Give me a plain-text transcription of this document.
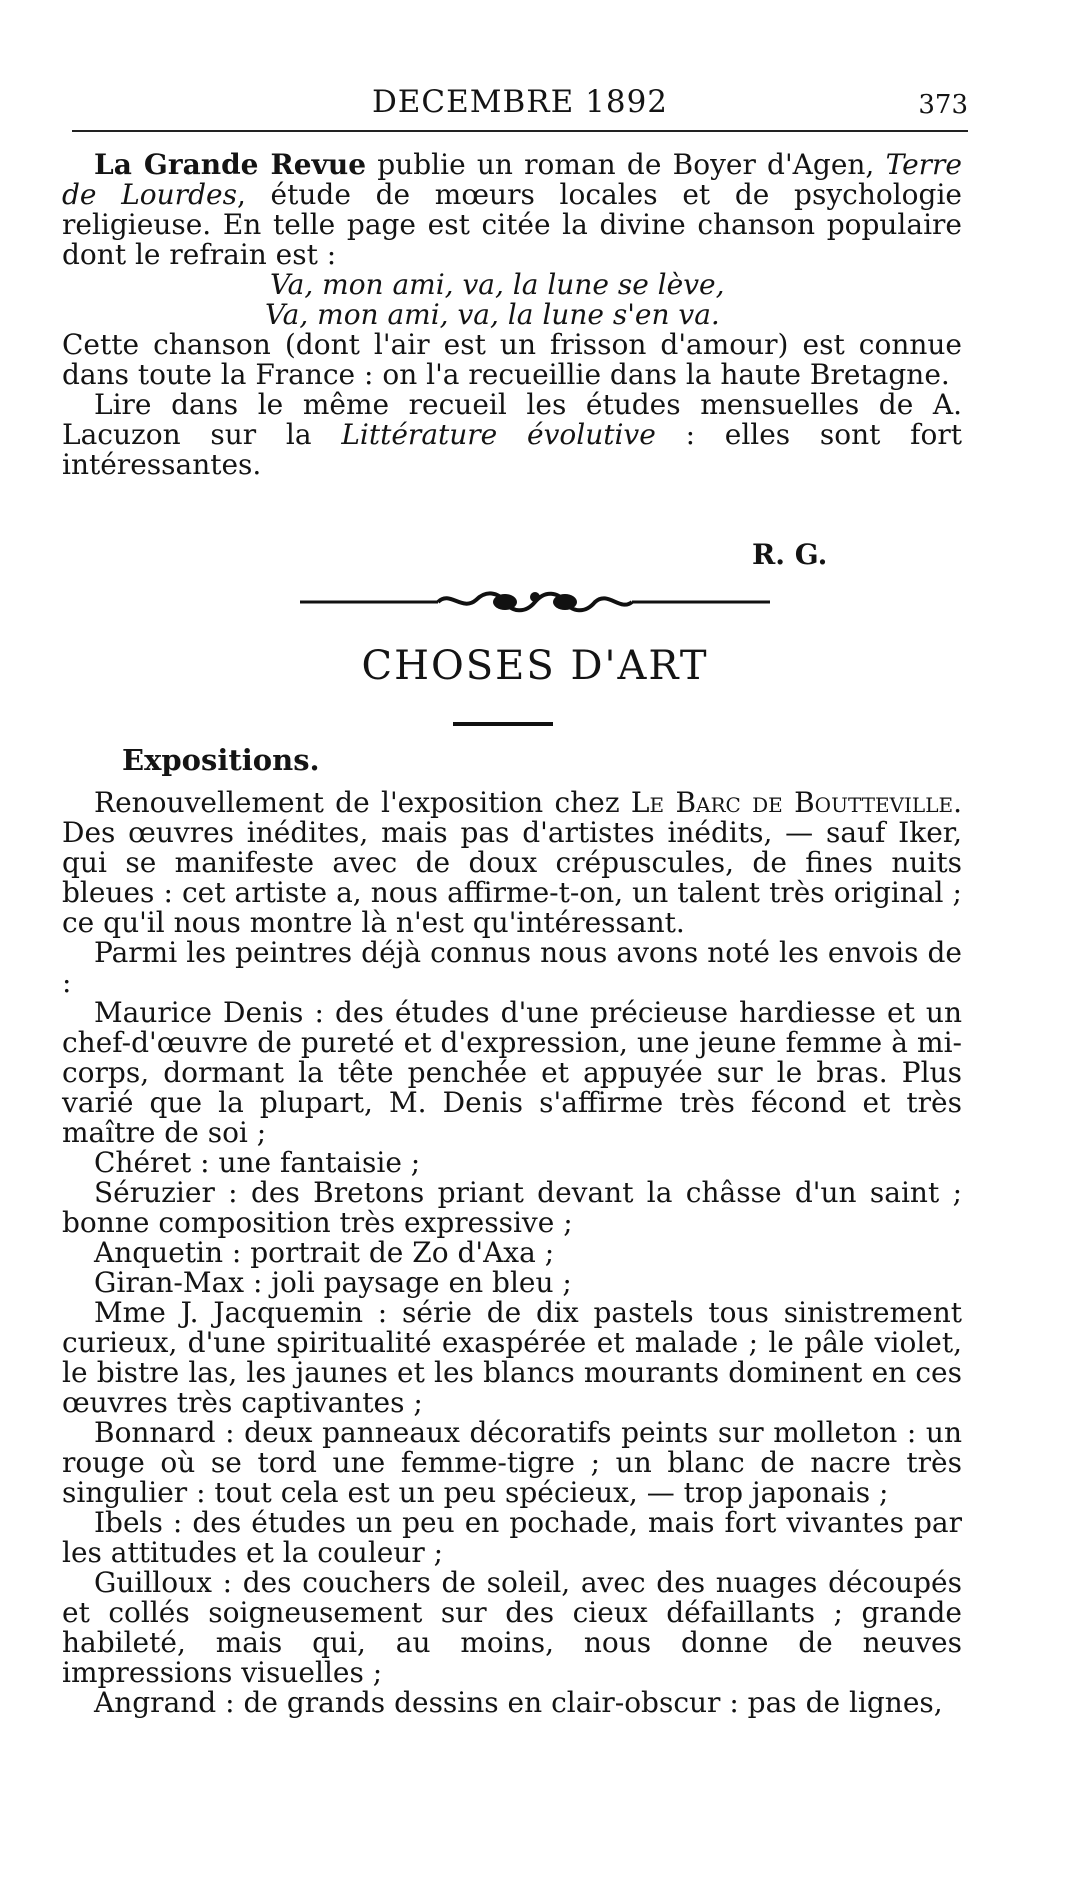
DECEMBRE 1892	373

La Grande Revue publie un roman de Boyer d'Agen, Terre de Lourdes, étude de mœurs locales et de psychologie religieuse. En telle page est citée la divine chanson populaire dont le refrain est :

Va, mon ami, va, la lune se lève,

Va, mon ami, va, la lune s'en va.

Cette chanson (dont l'air est un frisson d'amour) est connue dans toute la France : on l'a recueillie dans la haute Bretagne.

Lire dans le même recueil les études mensuelles de A. Lacuzon sur la Littérature évolutive : elles sont fort intéressantes.

R. G.
CHOSES D'ART
Expositions.

Renouvellement de l'exposition chez Le Barc de Boutteville. Des œuvres inédites, mais pas d'artistes inédits, — sauf Iker, qui se manifeste avec de doux crépuscules, de fines nuits bleues : cet artiste a, nous affirme-t-on, un talent très original ; ce qu'il nous montre là n'est qu'intéressant.

Parmi les peintres déjà connus nous avons noté les envois de :

Maurice Denis : des études d'une précieuse hardiesse et un chef-d'œuvre de pureté et d'expression, une jeune femme à mi-corps, dormant la tête penchée et appuyée sur le bras. Plus varié que la plupart, M. Denis s'affirme très fécond et très maître de soi ;

Chéret : une fantaisie ;

Séruzier : des Bretons priant devant la châsse d'un saint ; bonne composition très expressive ;

Anquetin : portrait de Zo d'Axa ;

Giran-Max : joli paysage en bleu ;

Mme J. Jacquemin : série de dix pastels tous sinistrement curieux, d'une spiritualité exaspérée et malade ; le pâle violet, le bistre las, les jaunes et les blancs mourants dominent en ces œuvres très captivantes ;

Bonnard : deux panneaux décoratifs peints sur molleton : un rouge où se tord une femme-tigre ; un blanc de nacre très singulier : tout cela est un peu spécieux, — trop japonais ;

Ibels : des études un peu en pochade, mais fort vivantes par les attitudes et la couleur ;

Guilloux : des couchers de soleil, avec des nuages découpés et collés soigneusement sur des cieux défaillants ; grande habileté, mais qui, au moins, nous donne de neuves impressions visuelles ;

Angrand : de grands dessins en clair-obscur : pas de lignes,
